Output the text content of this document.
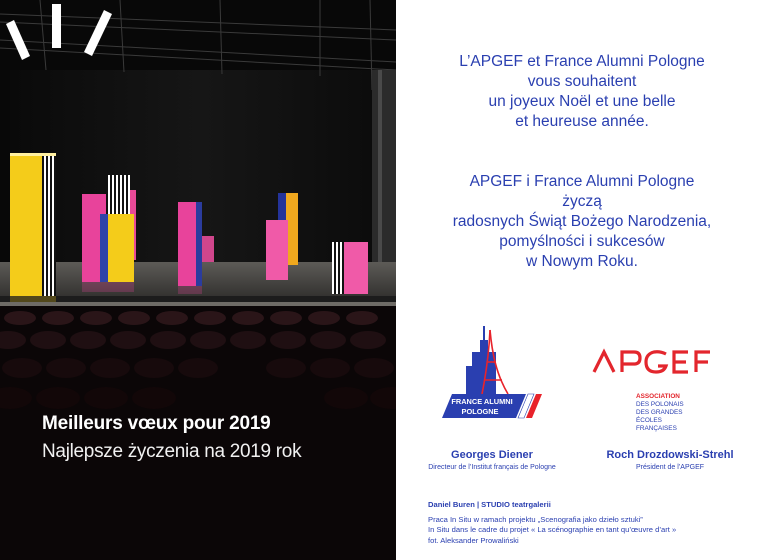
Meilleurs vœux pour 2019
Najlepsze życzenia na 2019 rok
L’APGEF et France Alumni Pologne
vous souhaitent
un joyeux Noël et une belle
et heureuse année.
APGEF i France Alumni Pologne
życzą
radosnych Świąt Bożego Narodzenia,
pomyślności i sukcesów
w Nowym Roku.
FRANCE ALUMNI
POLOGNE
APGEF
ASSOCIATION
DES POLONAIS
DES GRANDES
ÉCOLES
FRANÇAISES
Georges Diener
Directeur de l’Institut français de Pologne
Roch Drozdowski-Strehl
Président de l’APGEF
Daniel Buren | STUDIO teatrgalerii
Praca In Situ w ramach projektu „Scenografia jako dzieło sztuki”
In Situ dans le cadre du projet « La scénographie en tant qu’œuvre d’art »
fot. Aleksander Prowaliński
